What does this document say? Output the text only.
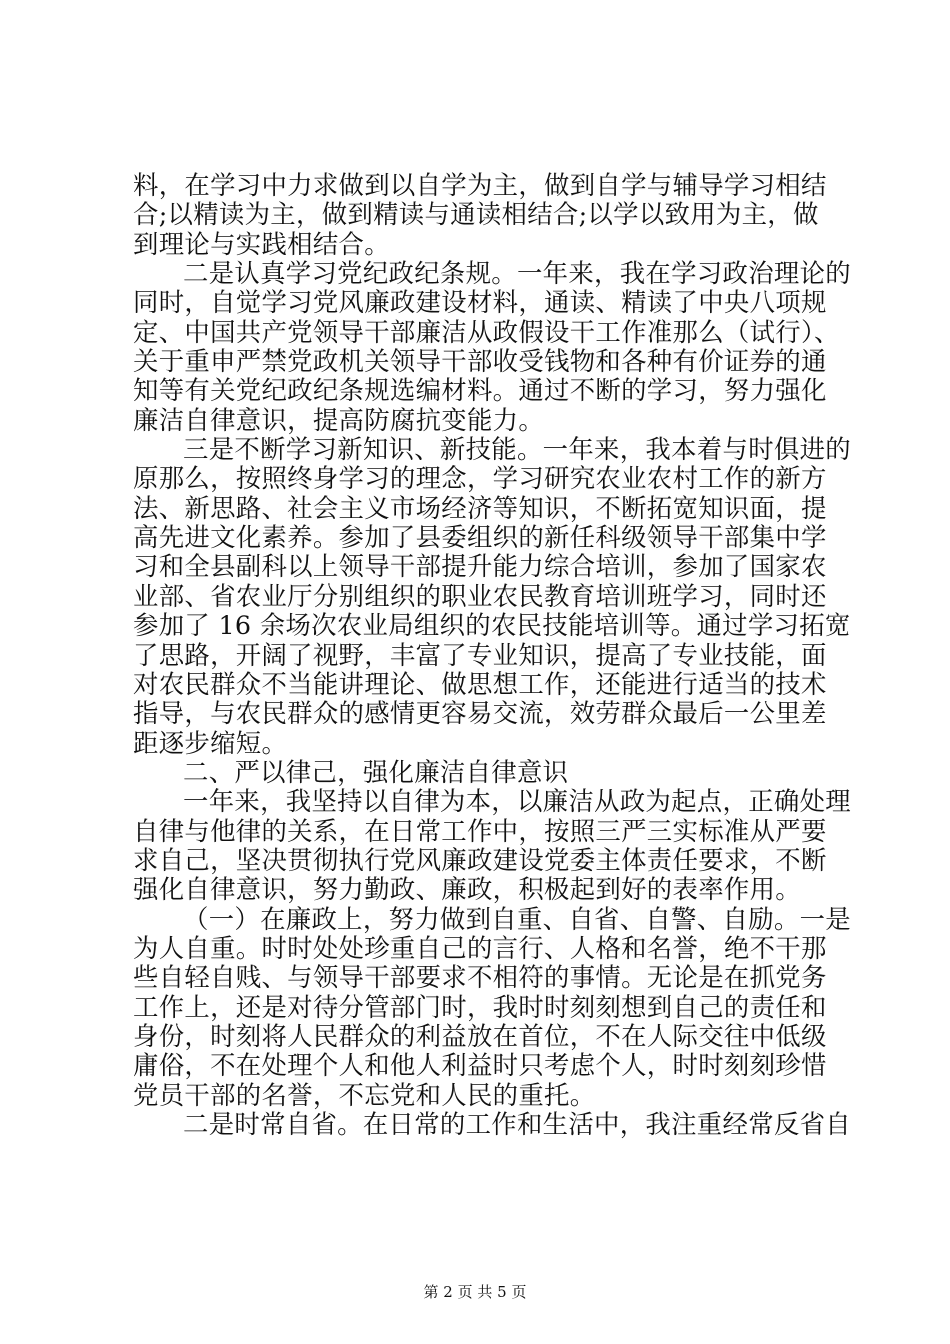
料，在学习中力求做到以自学为主，做到自学与辅导学习相结
合;以精读为主，做到精读与通读相结合;以学以致用为主，做
到理论与实践相结合。

二是认真学习党纪政纪条规。一年来，我在学习政治理论的
同时，自觉学习党风廉政建设材料，通读、精读了中央八项规
定、中国共产党领导干部廉洁从政假设干工作准那么（试行）、
关于重申严禁党政机关领导干部收受钱物和各种有价证券的通
知等有关党纪政纪条规选编材料。通过不断的学习，努力强化
廉洁自律意识，提高防腐抗变能力。

三是不断学习新知识、新技能。一年来，我本着与时俱进的
原那么，按照终身学习的理念，学习研究农业农村工作的新方
法、新思路、社会主义市场经济等知识，不断拓宽知识面，提
高先进文化素养。参加了县委组织的新任科级领导干部集中学
习和全县副科以上领导干部提升能力综合培训，参加了国家农
业部、省农业厅分别组织的职业农民教育培训班学习，同时还
参加了 16 余场次农业局组织的农民技能培训等。通过学习拓宽
了思路，开阔了视野，丰富了专业知识，提高了专业技能，面
对农民群众不当能讲理论、做思想工作，还能进行适当的技术
指导，与农民群众的感情更容易交流，效劳群众最后一公里差
距逐步缩短。

二、严以律己，强化廉洁自律意识

一年来，我坚持以自律为本，以廉洁从政为起点，正确处理
自律与他律的关系，在日常工作中，按照三严三实标准从严要
求自己，坚决贯彻执行党风廉政建设党委主体责任要求，不断
强化自律意识，努力勤政、廉政，积极起到好的表率作用。

（一）在廉政上，努力做到自重、自省、自警、自励。一是
为人自重。时时处处珍重自己的言行、人格和名誉，绝不干那
些自轻自贱、与领导干部要求不相符的事情。无论是在抓党务
工作上，还是对待分管部门时，我时时刻刻想到自己的责任和
身份，时刻将人民群众的利益放在首位，不在人际交往中低级
庸俗，不在处理个人和他人利益时只考虑个人，时时刻刻珍惜
党员干部的名誉，不忘党和人民的重托。

二是时常自省。在日常的工作和生活中，我注重经常反省自

第 2 页 共 5 页
